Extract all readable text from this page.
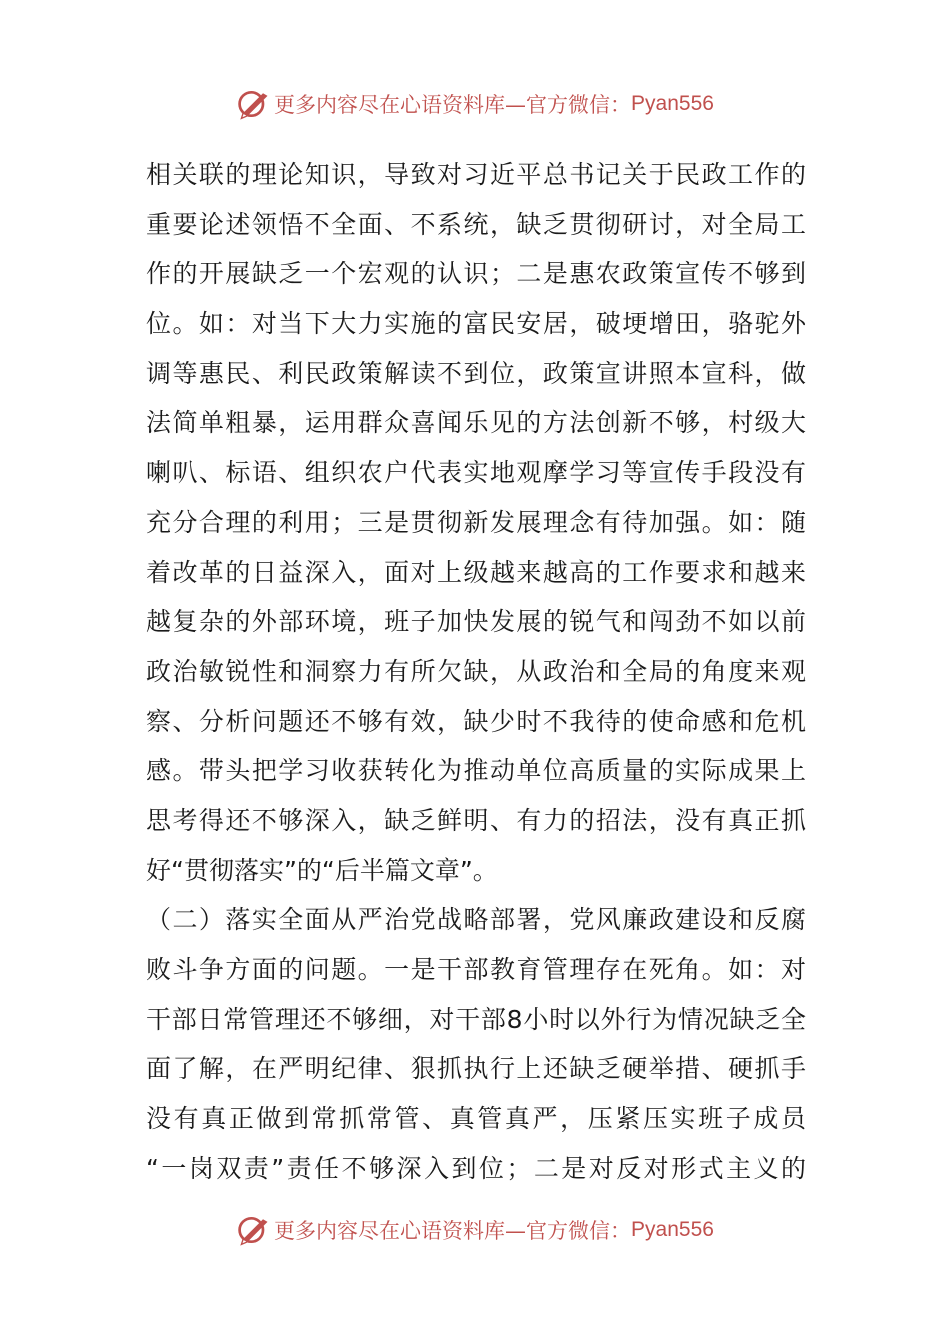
更多内容尽在心语资料库—官方微信： Pyan556
相关联的理论知识，导致对习近平总书记关于民政工作的
重要论述领悟不全面、不系统，缺乏贯彻研讨，对全局工
作的开展缺乏一个宏观的认识；二是惠农政策宣传不够到
位。如：对当下大力实施的富民安居，破埂增田，骆驼外
调等惠民、利民政策解读不到位，政策宣讲照本宣科，做
法简单粗暴，运用群众喜闻乐见的方法创新不够，村级大
喇叭、标语、组织农户代表实地观摩学习等宣传手段没有
充分合理的利用；三是贯彻新发展理念有待加强。如：随
着改革的日益深入，面对上级越来越高的工作要求和越来
越复杂的外部环境，班子加快发展的锐气和闯劲不如以前
政治敏锐性和洞察力有所欠缺，从政治和全局的角度来观
察、分析问题还不够有效，缺少时不我待的使命感和危机
感。带头把学习收获转化为推动单位高质量的实际成果上
思考得还不够深入，缺乏鲜明、有力的招法，没有真正抓
好“贯彻落实”的“后半篇文章”。
（二）落实全面从严治党战略部署，党风廉政建设和反腐
败斗争方面的问题。一是干部教育管理存在死角。如：对
干部日常管理还不够细，对干部8小时以外行为情况缺乏全
面了解，在严明纪律、狠抓执行上还缺乏硬举措、硬抓手
没有真正做到常抓常管、真管真严，压紧压实班子成员
“一岗双责”责任不够深入到位；二是对反对形式主义的
更多内容尽在心语资料库—官方微信： Pyan556
